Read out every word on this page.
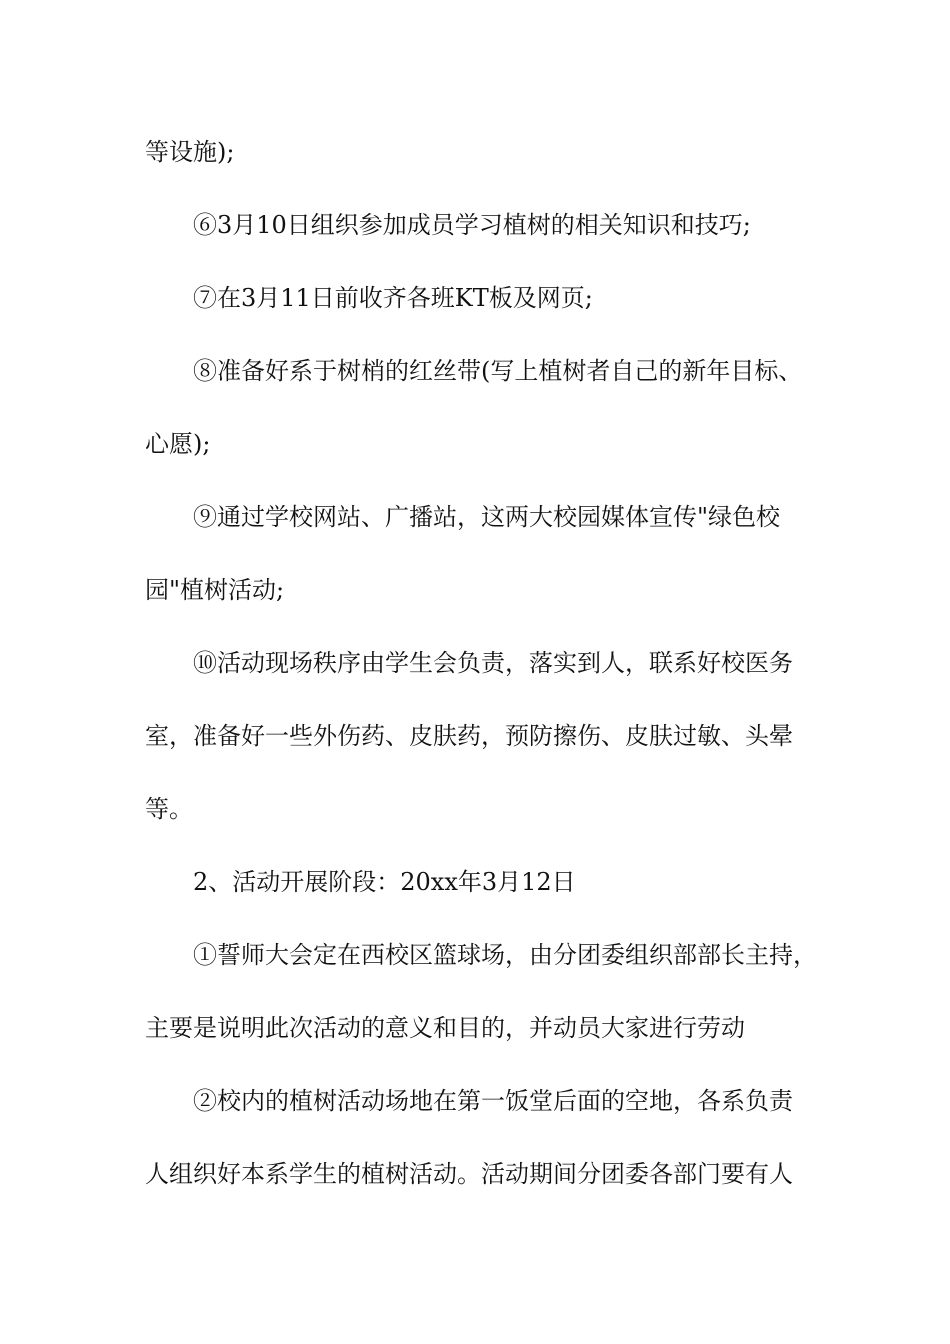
等设施);

⑥3月10日组织参加成员学习植树的相关知识和技巧;

⑦在3月11日前收齐各班KT板及网页;

⑧准备好系于树梢的红丝带(写上植树者自己的新年目标、

心愿);

⑨通过学校网站、广播站，这两大校园媒体宣传"绿色校

园"植树活动;

⑩活动现场秩序由学生会负责，落实到人，联系好校医务

室，准备好一些外伤药、皮肤药，预防擦伤、皮肤过敏、头晕

等。

2、活动开展阶段：20xx年3月12日

①誓师大会定在西校区篮球场，由分团委组织部部长主持，

主要是说明此次活动的意义和目的，并动员大家进行劳动

②校内的植树活动场地在第一饭堂后面的空地，各系负责

人组织好本系学生的植树活动。活动期间分团委各部门要有人
